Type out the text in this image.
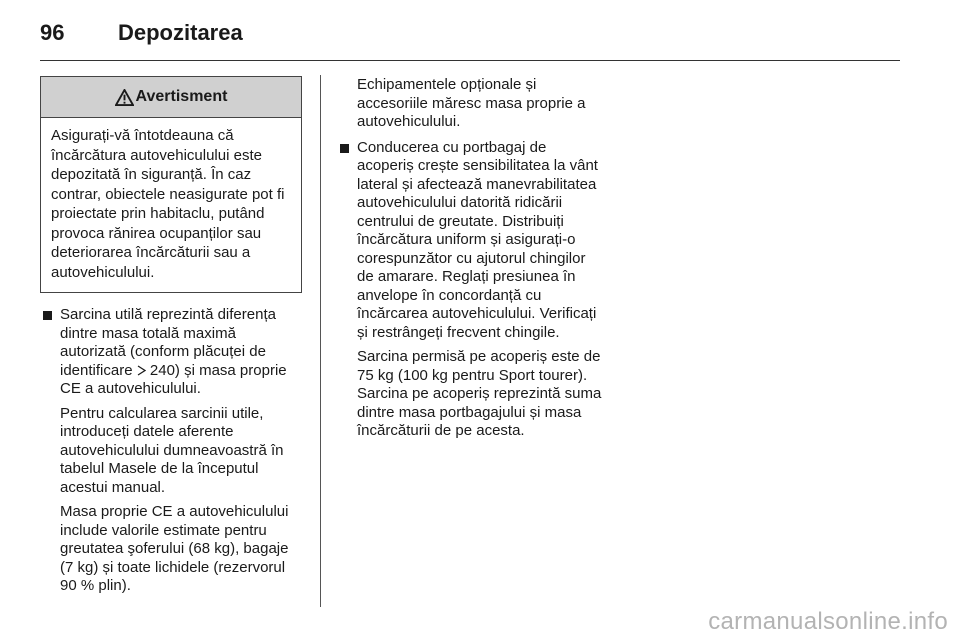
96	Depozitarea
Avertisment
Asigurați-vă întotdeauna că încărcătura autovehiculului este depozitată în siguranță. În caz contrar, obiectele neasigurate pot fi proiectate prin habitaclu, putând provoca rănirea ocupanților sau deteriorarea încărcăturii sau a autovehiculului.

Sarcina utilă reprezintă diferența dintre masa totală maximă autorizată (conform plăcuței de identificare  240) și masa proprie CE a autovehiculului.

Pentru calcularea sarcinii utile, introduceți datele aferente autovehiculului dumneavoastră în tabelul Masele de la începutul acestui manual.

Masa proprie CE a autovehiculului include valorile estimate pentru greutatea şoferului (68 kg), bagaje (7 kg) și toate lichidele (rezervorul 90 % plin).

Echipamentele opționale și accesoriile măresc masa proprie a autovehiculului.

Conducerea cu portbagaj de acoperiș crește sensibilitatea la vânt lateral și afectează manevrabilitatea autovehiculului datorită ridicării centrului de greutate. Distribuiți încărcătura uniform și asigurați-o corespunzător cu ajutorul chingilor de amarare. Reglați presiunea în anvelope în concordanță cu încărcarea autovehiculului. Verificați și restrângeți frecvent chingile.

Sarcina permisă pe acoperiș este de 75 kg (100 kg pentru Sport tourer). Sarcina pe acoperiș reprezintă suma dintre masa portbagajului și masa încărcăturii de pe acesta.

carmanualsonline.info
